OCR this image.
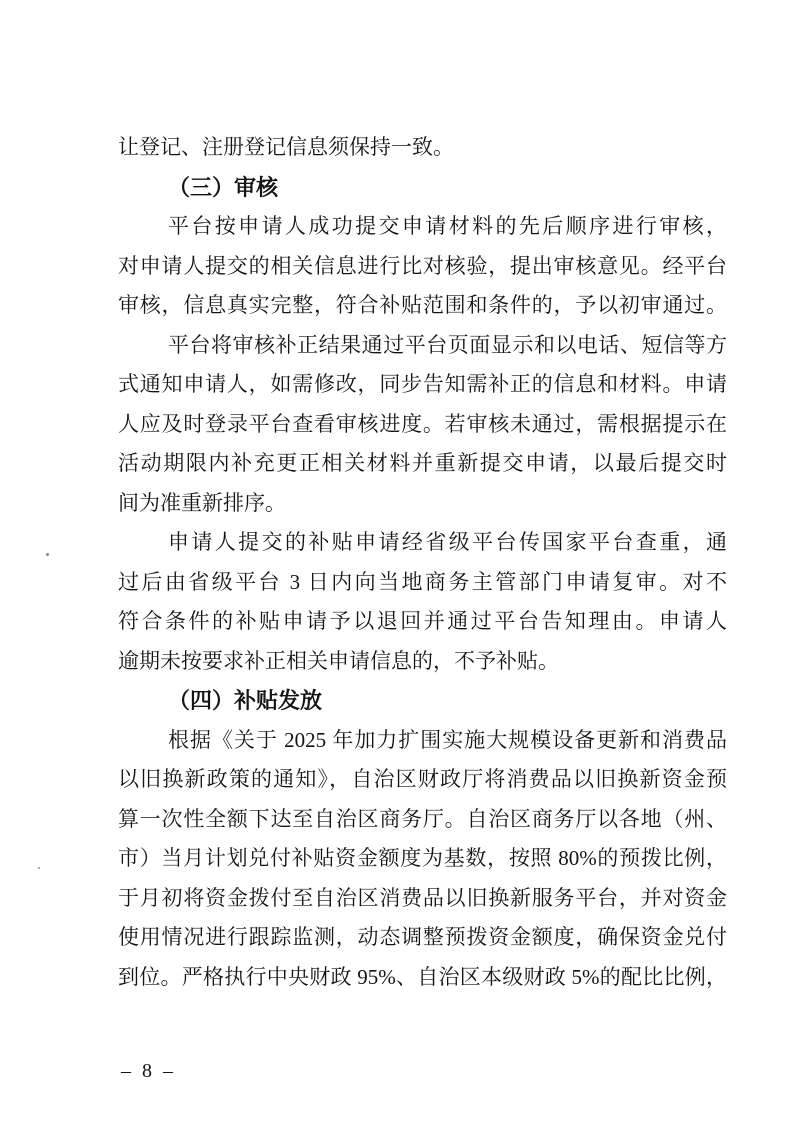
让登记、注册登记信息须保持一致。
（三）审核
平台按申请人成功提交申请材料的先后顺序进行审核，
对申请人提交的相关信息进行比对核验，提出审核意见。经平台
审核，信息真实完整，符合补贴范围和条件的，予以初审通过。
平台将审核补正结果通过平台页面显示和以电话、短信等方
式通知申请人，如需修改，同步告知需补正的信息和材料。申请
人应及时登录平台查看审核进度。若审核未通过，需根据提示在
活动期限内补充更正相关材料并重新提交申请，以最后提交时
间为准重新排序。
申请人提交的补贴申请经省级平台传国家平台查重，通
过后由省级平台 3 日内向当地商务主管部门申请复审。对不
符合条件的补贴申请予以退回并通过平台告知理由。申请人
逾期未按要求补正相关申请信息的，不予补贴。
（四）补贴发放
根据《关于 2025 年加力扩围实施大规模设备更新和消费品
以旧换新政策的通知》，自治区财政厅将消费品以旧换新资金预
算一次性全额下达至自治区商务厅。自治区商务厅以各地（州、
市）当月计划兑付补贴资金额度为基数，按照 80%的预拨比例，
于月初将资金拨付至自治区消费品以旧换新服务平台，并对资金
使用情况进行跟踪监测，动态调整预拨资金额度，确保资金兑付
到位。严格执行中央财政 95%、自治区本级财政 5%的配比比例，
– 8 –
